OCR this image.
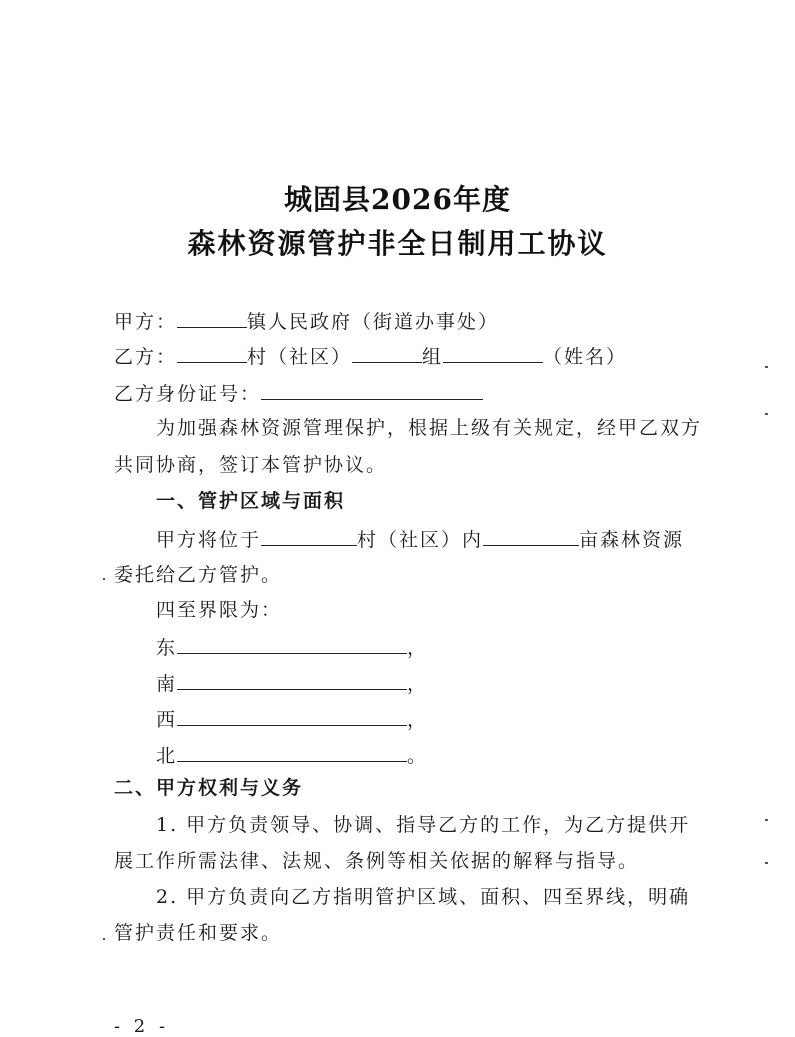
城固县2026年度
森林资源管护非全日制用工协议
甲方：	镇人民政府（街道办事处）
乙方：	村（社区）	组	（姓名）
乙方身份证号：
为加强森林资源管理保护，根据上级有关规定，经甲乙双方
共同协商，签订本管护协议。
一、管护区域与面积
甲方将位于	村（社区）内	亩森林资源
委托给乙方管护。
四至界限为：
东	，
南	，
西	，
北	。
二、甲方权利与义务
1. 甲方负责领导、协调、指导乙方的工作，为乙方提供开
展工作所需法律、法规、条例等相关依据的解释与指导。
2. 甲方负责向乙方指明管护区域、面积、四至界线，明确
管护责任和要求。
- 2 -
